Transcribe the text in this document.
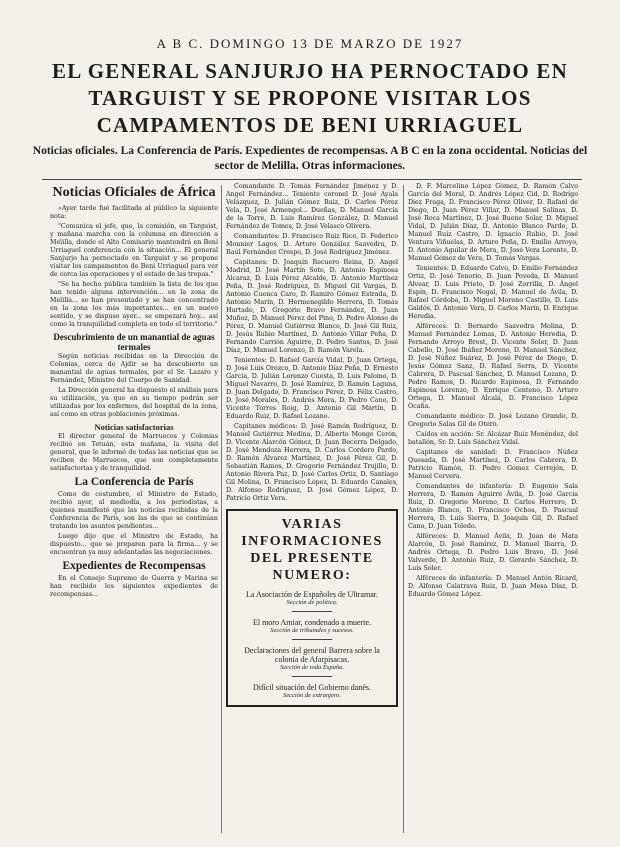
A B C. DOMINGO 13 DE MARZO DE 1927
EL GENERAL SANJURJO HA PERNOCTADO EN TARGUIST Y SE PROPONE VISITAR LOS CAMPAMENTOS DE BENI URRIAGUEL

Noticias oficiales. La Conferencia de París. Expedientes de recompensas. A B C en la zona occidental. Noticias del sector de Melilla. Otras informaciones.

Noticias Oficiales de África

«Ayer tarde fué facilitada al público la siguiente nota:

"Comunica el jefe, que, la comisión, en Targuist, y mañana marcha con la columna en dirección a Melilla, donde el Alto Comisario mantendrá en Beni Urriaguel conferencia con la situación... El general Sanjurjo ha pernoctado en Targuist y se propone visitar los campamentos de Beni Urriaguel para ver de cerca las operaciones y el estado de las tropas."

"Se ha hecho pública también la lista de los que han tenido alguna intervención... en la zona de Melilla... se han presentado y se han concentrado en la zona los más importantes... en un nuevo sentido, y se dispuso ayer... se empezará hoy... así como la tranquilidad completa en todo el territorio."

Descubrimiento de un manantial de aguas termales

Según noticias recibidas en la Dirección de Colonias, cerca de Ajdir se ha descubierto un manantial de aguas termales, por el Sr. Lazaro y Fernández, Ministro del Cuerpo de Sanidad.

La Dirección general ha dispuesto el análisis para su utilización, ya que en su tiempo podrán ser utilizadas por los enfermos, del hospital de la zona, así como en otras poblaciones próximas.

Noticias satisfactorias

El director general de Marruecos y Colonias recibió en Tetuán, esta mañana, la visita del general, que le informó de todas las noticias que se reciben de Marruecos, que son completamente satisfactorias y de tranquilidad.

La Conferencia de París

Como de costumbre, el Ministro de Estado, recibió ayer, al mediodía, a los periodistas, a quienes manifestó que las noticias recibidas de la Conferencia de París, son las de que se continúan tratando los asuntos pendientes...

Luego dijo que el Ministro de Estado, ha dispuesto... que se preparen para la firma... y se encuentran ya muy adelantadas las negociaciones.

Expedientes de Recompensas

En el Consejo Supremo de Guerra y Marina se han recibido los siguientes expedientes de recompensas...

Comandante D. Tomás Fernández Jiménez y D. Angel Fernández... Teniente coronel D. José Ayala Velázquez, D. Julián Gómez Ruiz, D. Carlos Pérez Vela, D. José Armengol... Dueñas, D. Manuel García de la Torre, D. Luis Ramírez González, D. Manuel Fernández de Tomes, D. José Velasco Olivera.

Comandantes: D. Francisco Ruiz Rico, D. Federico Monnier Lagos, D. Arturo González Saavedra, D. Raúl Fernández Crespo, D. José Rodríguez Jiménez.

Capitanes: D. Joaquín Recuero Reina, D. Angel Madrid, D. José Martín Soto, D. Antonio Espinosa Alcaraz, D. Luis Pérez Alcalde, D. Antonio Martínez Peña, D. José Rodríguez, D. Miguel Gil Vargas, D. Antonio Cuenca Caro, D. Ramiro Gómez Estrada, D. Antonio Marín, D. Hermenegildo Herrera, D. Tomás Hurtado, D. Gregorio Bravo Fernández, D. Juan Muñoz, D. Manuel Pérez del Pino, D. Pedro Alonso de Pérez, D. Manuel Gutiérrez Blanco, D. José Gil Ruiz, D. Jesús Rubio Martínez, D. Antonio Villar Peña, D. Fernando Carrión Aguirre, D. Pedro Santos, D. José Díaz, D. Manuel Lorenzo, D. Ramón Varela.

Tenientes: D. Rafael García Vidal, D. Juan Ortega, D. José Luis Orozco, D. Antonio Díaz Peña, D. Ernesto García, D. Julián Lorenzo Cuesta, D. Luis Palomo, D. Miguel Navarro, D. José Ramírez, D. Ramón Laguna, D. Juan Delgado, D. Francisco Pérez, D. Félix Castro, D. José Morales, D. Andrés Mora, D. Pedro Cano, D. Vicente Torres Roig, D. Antonio Gil Martín, D. Eduardo Ruiz, D. Rafael Lozano.

Capitanes médicos: D. José Ramón Rodríguez, D. Manuel Gutiérrez Medina, D. Alberto Monge Cerón, D. Vicente Alarcón Gómez, D. Juan Becerra Delgado, D. José Mendoza Herrera, D. Carlos Cordero Pardo, D. Ramón Álvarez Martínez, D. José Pérez Gil, D. Sebastián Ramos, D. Gregorio Fernández Trujillo, D. Antonio Rivera Paz, D. José Carlos Ortiz, D. Santiago Gil Molina, D. Francisco López, D. Eduardo Canales, D. Alfonso Rodríguez, D. José Gómez López, D. Patricio Ortiz Vera.

VARIAS INFORMACIONES DEL PRESENTE NUMERO:
La Asociación de Españoles de Ultramar.
Sección de política.
El moro Amiar, condenado a muerte.
Sección de tribunales y sucesos.
Declaraciones del general Barrera sobre la colonia de Afarpisacas.
Sección de toda España.
Difícil situación del Gobierno danés.
Sección de extranjero.

D. F. Marcelino López Gómez, D. Ramón Calvo García del Moral, D. Andrés López Cid, D. Rodrigo Diez Fraga, D. Francisco Pérez Oliver, D. Rafael de Diego, D. Juan Pérez Villar, D. Manuel Salinas, D. José Roca Martínez, D. José Bueno Solar, D. Miguel Vidal, D. Julián Díaz, D. Antonio Blanco Pardo, D. Manuel Ruiz Castro, D. Ignacio Rubio, D. José Ventura Viñuelas, D. Arturo Peña, D. Emilio Arroyo, D. Antonio Aguilar de Mera, D. José Vera Lorente, D. Manuel Gómez de Vera, D. Tomás Vargas.

Tenientes: D. Eduardo Calvo, D. Emilio Fernández Ortiz, D. José Tenorio, D. Juan Poveda, D. Manuel Alvear, D. Luis Prieto, D. José Zorrilla, D. Ángel Espín, D. Francisco Nogal, D. Manuel de Ávila, D. Rafael Córdoba, D. Miguel Moreno Castillo, D. Luis Galdós, D. Antonio Vera, D. Carlos Marín, D. Enrique Heredia.

Alféreces: D. Bernardo Saavedra Molina, D. Manuel Fernández Lomas, D. Antonio Heredia, D. Fernando Arroyo Brest, D. Vicente Soler, D. Juan Cabello, D. José Ibáñez Moreno, D. Manuel Sánchez, D. José Núñez Suárez, D. José Pérez de Diego, D. Jesús Gómez Sanz, D. Rafael Serra, D. Vicente Cabrera, D. Pascual Sánchez, D. Manuel Lozano, D. Pedro Ramos, D. Ricardo Espinosa, D. Fernando Espinosa Lorenzo, D. Enrique Centeno, D. Arturo Ortega, D. Manuel Alcalá, D. Francisco López Ocaña.

Comandante médico: D. José Lozano Grande, D. Gregorio Salas Gil de Otero.

Caídos en acción: Sr. Alcázar Ruiz Menéndez, del batallón, Sr. D. Luis Sánchez Vidal.

Capitanes de sanidad: D. Francisco Núñez Quesada, D. José Martínez, D. Carlos Cabrera, D. Patricio Ramón, D. Pedro Gómez Cerrejón, D. Manuel Cervera.

Comandantes de infantería: D. Eugenio Sala Herrera, D. Ramón Aguirre Ávila, D. José García Ruiz, D. Gregorio Moreno, D. Carlos Herrero, D. Antonio Blanco, D. Francisco Ochoa, D. Pascual Herrera, D. Luis Sierra, D. Joaquín Gil, D. Rafael Cano, D. Juan Toledo.

Alféreces: D. Manuel Ávila, D. Juan de Mata Alarcón, D. José Ramírez, D. Manuel Ibarra, D. Andrés Ortega, D. Pedro Luis Bravo, D. José Valverde, D. Antonio Ruiz, D. Gerardo Sánchez, D. Luis Soler.

Alféreces de infantería: D. Manuel Antón Ricard, D. Alfonso Calatrava Ruiz, D. Juan Mesa Díaz, D. Eduardo Gómez López.
